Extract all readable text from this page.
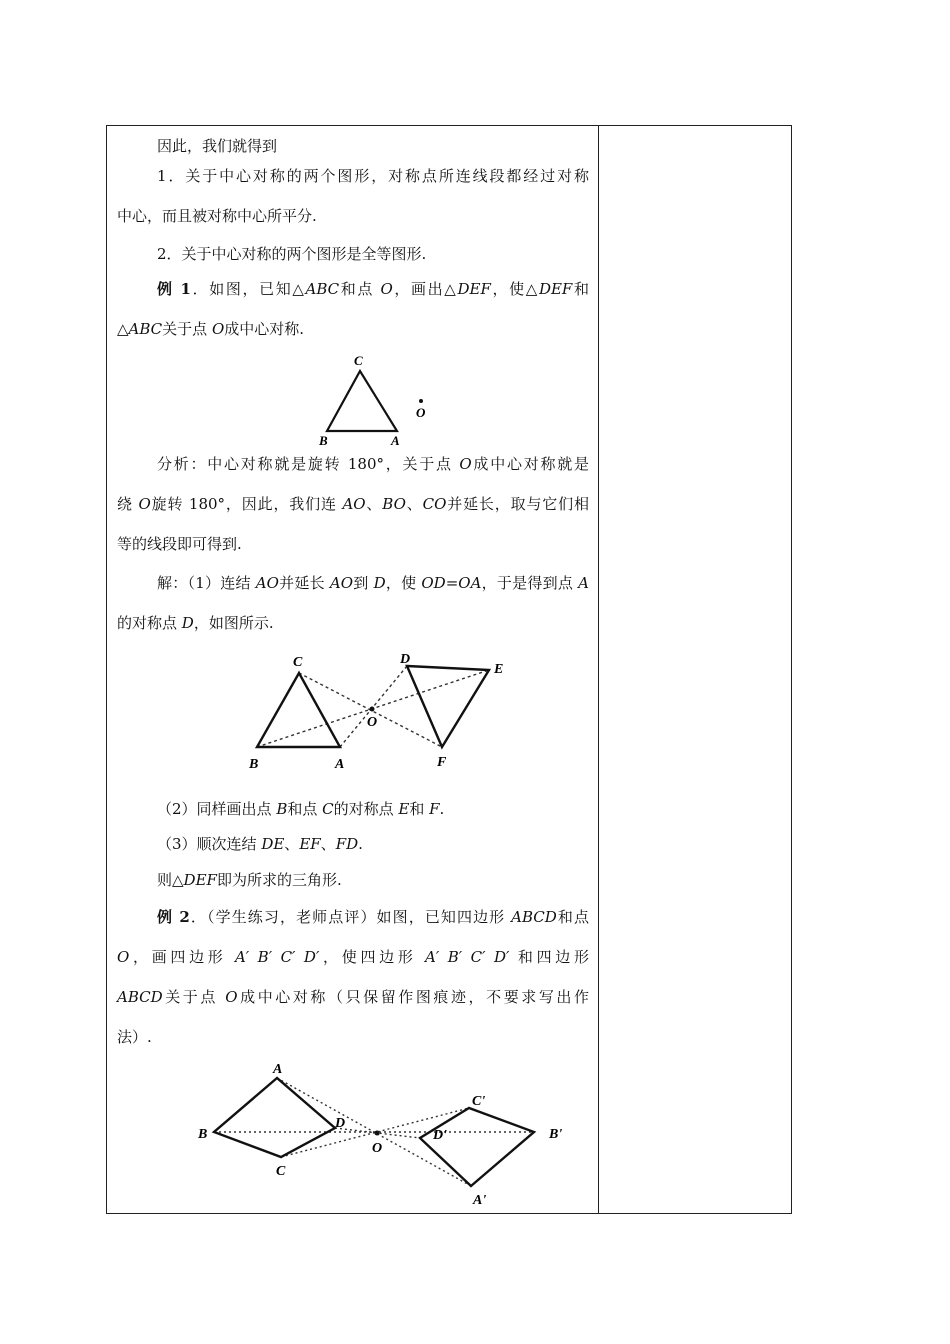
因此，我们就得到
1．关于中心对称的两个图形，对称点所连线段都经过对称
中心，而且被对称中心所平分.
2．关于中心对称的两个图形是全等图形.
例 1．如图，已知△ABC和点 O，画出△DEF，使△DEF和
△ABC关于点 O成中心对称.
C
B	A
O
分析：中心对称就是旋转 180°，关于点 O成中心对称就是
绕 O旋转 180°，因此，我们连 AO、BO、CO并延长，取与它们相
等的线段即可得到.
解：（1）连结 AO并延长 AO到 D，使 OD=OA，于是得到点 A
的对称点 D，如图所示.
C	D
E
O
B	A	F
（2）同样画出点 B和点 C的对称点 E和 F.
（3）顺次连结 DE、EF、FD.
则△DEF即为所求的三角形.
例 2．（学生练习，老师点评）如图，已知四边形 ABCD和点
O，画四边形 A′ B′ C′ D′，使四边形 A′ B′ C′ D′ 和四边形
ABCD关于点 O成中心对称（只保留作图痕迹，不要求写出作
法）.
A
B
C
D
O
C'
D'	B'
A'
